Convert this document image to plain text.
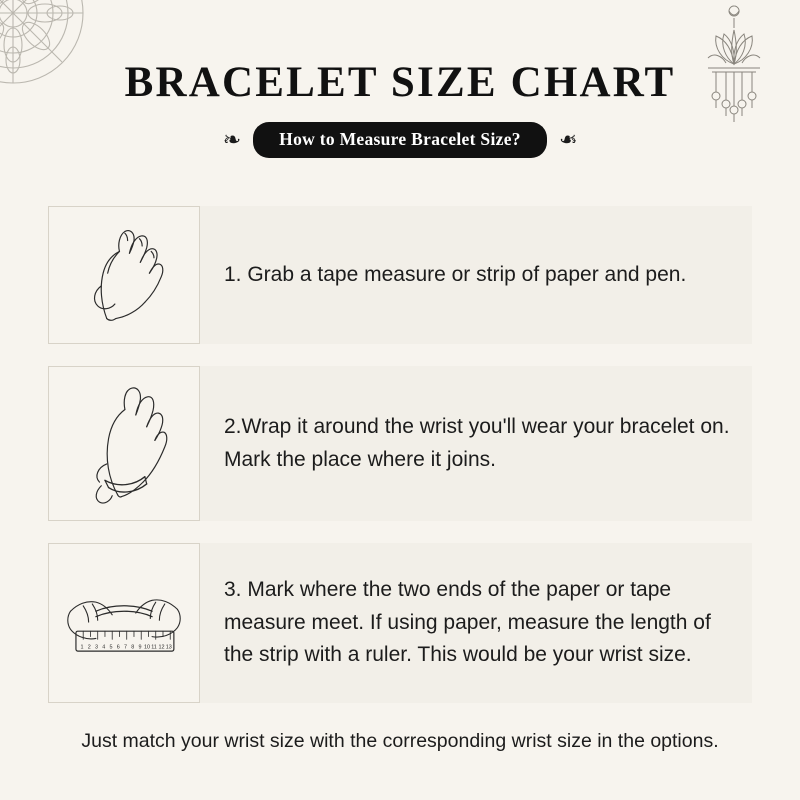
BRACELET SIZE CHART
❧	How to Measure Bracelet Size?	❧

1. Grab a tape measure or strip of paper and pen.

2.Wrap it around the wrist you'll wear your bracelet on. Mark the place where it joins.

1 2 3 4 5 6 7 8 9 10 11 12 13

3. Mark where the two ends of the paper or tape measure meet. If using paper, measure the length of the strip with a ruler. This would be your wrist size.

Just match your wrist size with the corresponding wrist size in the options.
